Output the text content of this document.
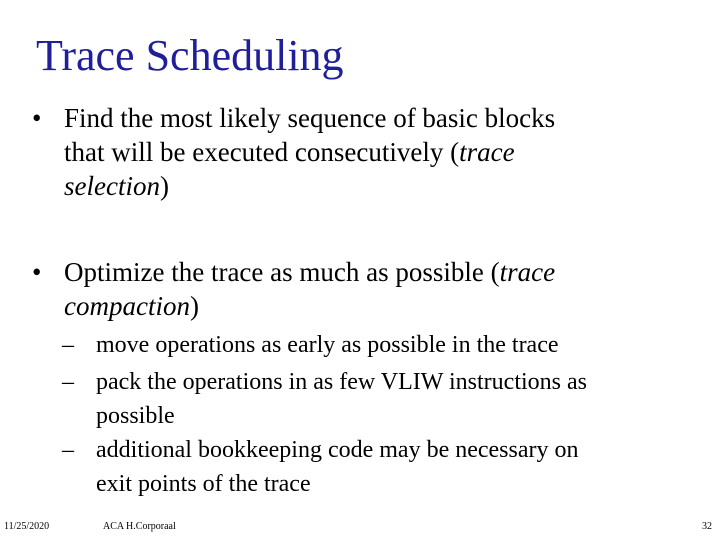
Trace Scheduling
• Find the most likely sequence of basic blocks
that will be executed consecutively (trace
selection)
• Optimize the trace as much as possible (trace
compaction)
– move operations as early as possible in the trace
– pack the operations in as few VLIW instructions as
possible
– additional bookkeeping code may be necessary on
exit points of the trace
11/25/2020	ACA H.Corporaal	32
